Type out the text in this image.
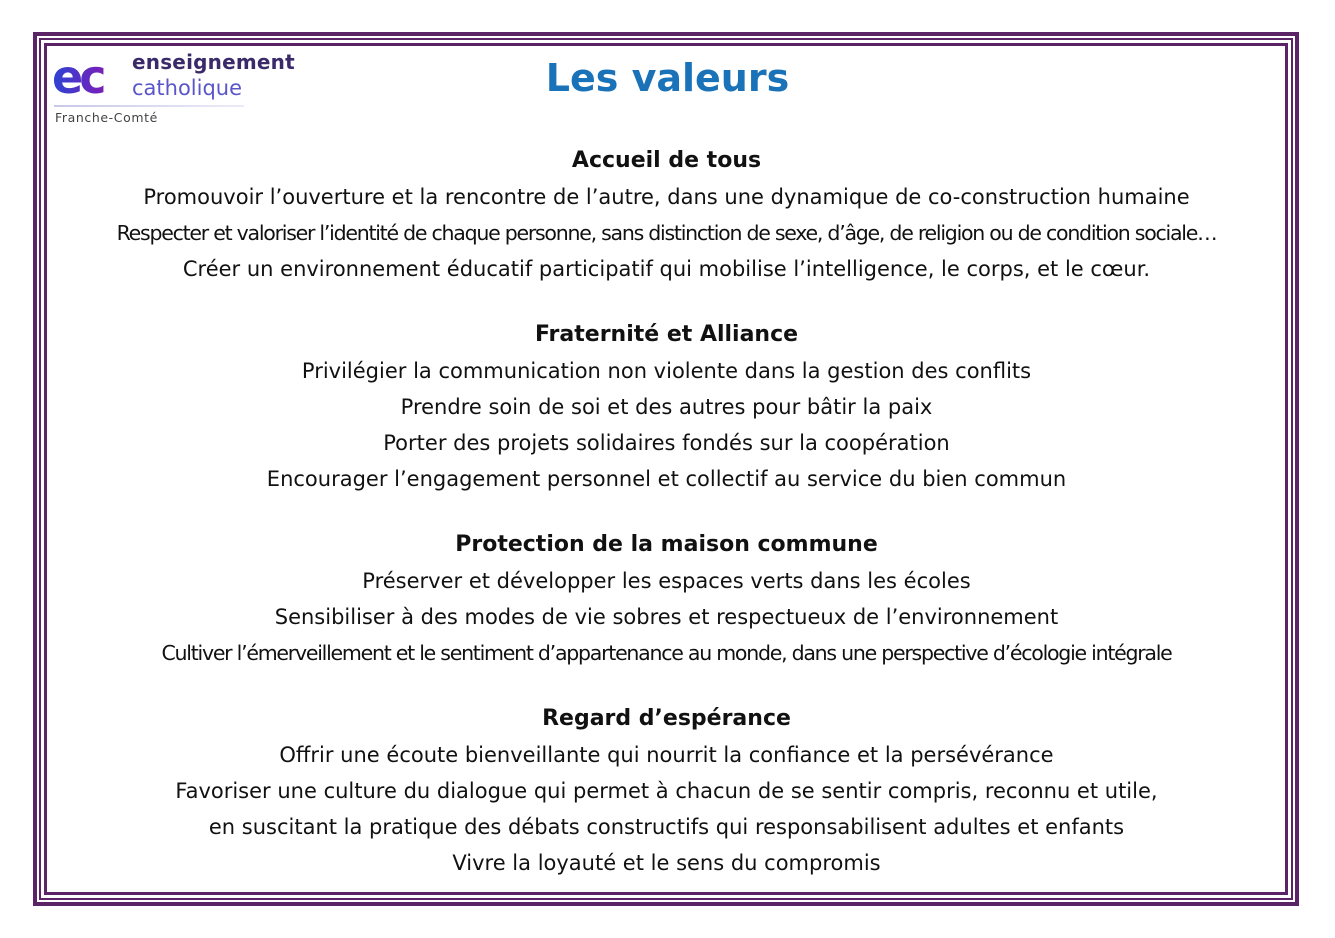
ec enseignement
catholique
Franche-Comté
Les valeurs

Accueil de tous

Promouvoir l’ouverture et la rencontre de l’autre, dans une dynamique de co-construction humaine

Respecter et valoriser l’identité de chaque personne, sans distinction de sexe, d’âge, de religion ou de condition sociale…

Créer un environnement éducatif participatif qui mobilise l’intelligence, le corps, et le cœur.

Fraternité et Alliance

Privilégier la communication non violente dans la gestion des conflits

Prendre soin de soi et des autres pour bâtir la paix

Porter des projets solidaires fondés sur la coopération

Encourager l’engagement personnel et collectif au service du bien commun

Protection de la maison commune

Préserver et développer les espaces verts dans les écoles

Sensibiliser à des modes de vie sobres et respectueux de l’environnement

Cultiver l’émerveillement et le sentiment d’appartenance au monde, dans une perspective d’écologie intégrale

Regard d’espérance

Offrir une écoute bienveillante qui nourrit la confiance et la persévérance

Favoriser une culture du dialogue qui permet à chacun de se sentir compris, reconnu et utile,

en suscitant la pratique des débats constructifs qui responsabilisent adultes et enfants

Vivre la loyauté et le sens du compromis
